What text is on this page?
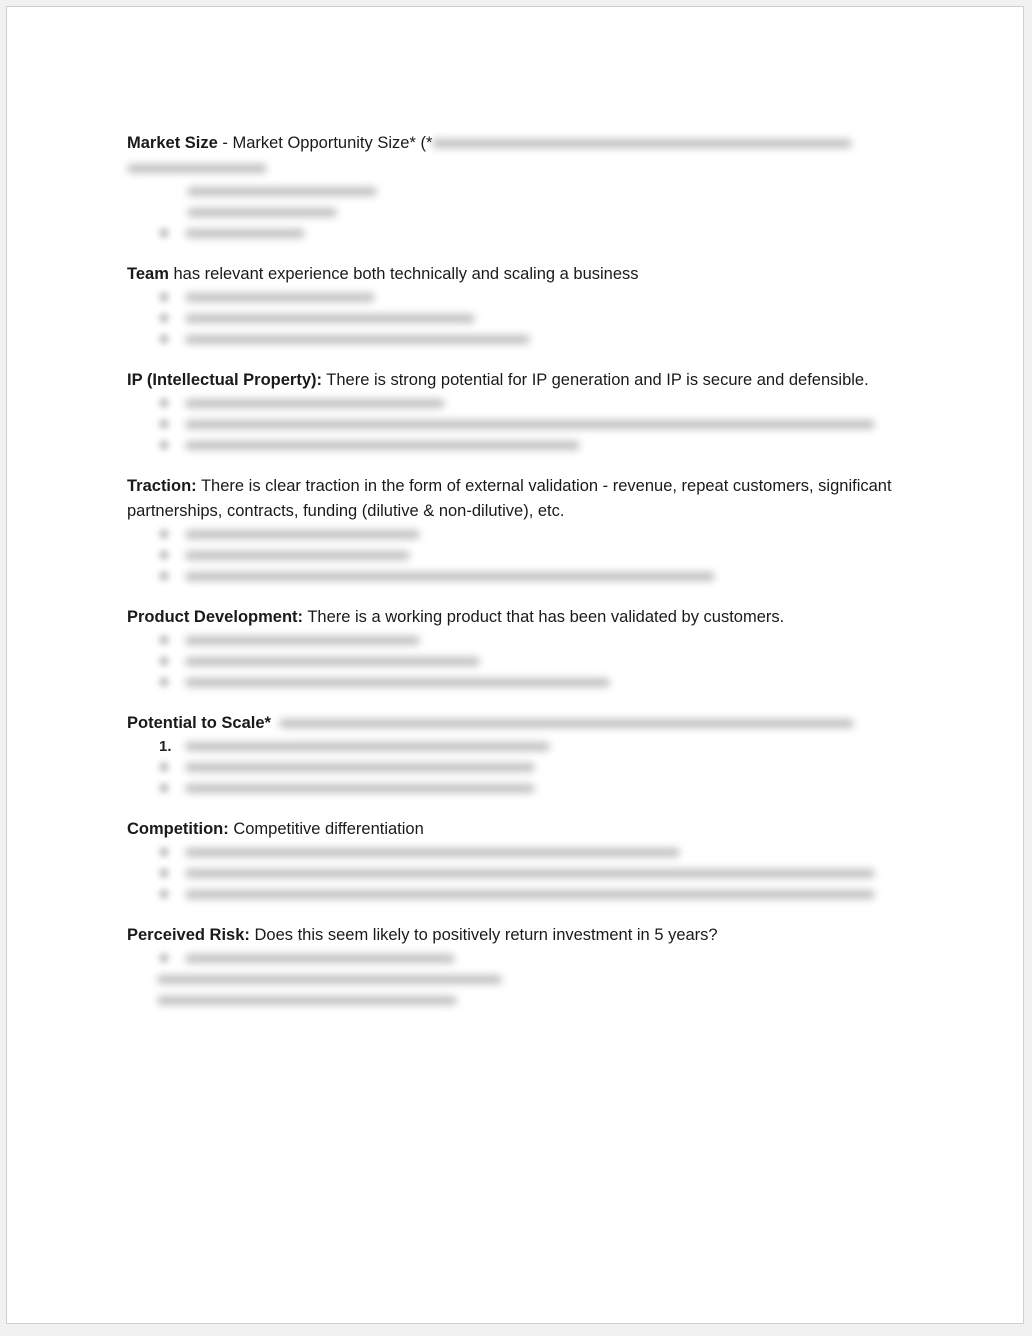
Market Size - Market Opportunity Size* (*

Team has relevant experience both technically and scaling a business

IP (Intellectual Property): There is strong potential for IP generation and IP is secure and defensible.

Traction: There is clear traction in the form of external validation - revenue, repeat customers, significant partnerships, contracts, funding (dilutive & non-dilutive), etc.

Product Development: There is a working product that has been validated by customers.

Potential to Scale*

1.

Competition: Competitive differentiation

Perceived Risk: Does this seem likely to positively return investment in 5 years?
